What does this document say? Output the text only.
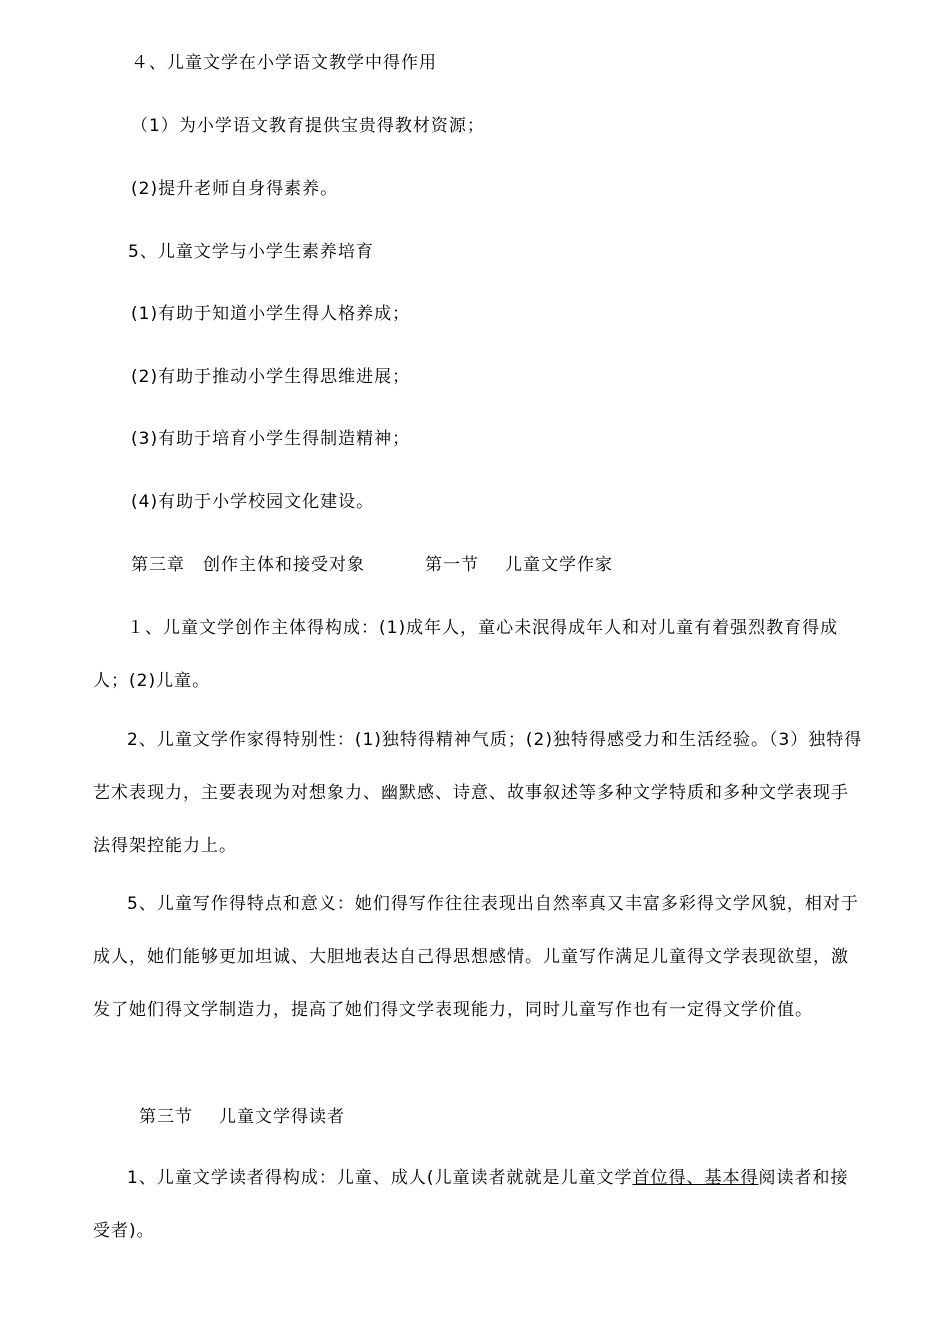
４、儿童文学在小学语文教学中得作用
（1）为小学语文教育提供宝贵得教材资源；
(2)提升老师自身得素养。
5、儿童文学与小学生素养培育
(1)有助于知道小学生得人格养成；
(2)有助于推动小学生得思维进展；
(3)有助于培育小学生得制造精神；
(4)有助于小学校园文化建设。
第三章 创作主体和接受对象	第一节 儿童文学作家

１、儿童文学创作主体得构成：(1)成年人，童心未泯得成年人和对儿童有着强烈教育得成人；(2)儿童。

2、儿童文学作家得特别性：(1)独特得精神气质；(2)独特得感受力和生活经验。（3）独特得艺术表现力，主要表现为对想象力、幽默感、诗意、故事叙述等多种文学特质和多种文学表现手法得架控能力上。

5、儿童写作得特点和意义：她们得写作往往表现出自然率真又丰富多彩得文学风貌，相对于成人，她们能够更加坦诚、大胆地表达自己得思想感情。儿童写作满足儿童得文学表现欲望，激发了她们得文学制造力，提高了她们得文学表现能力，同时儿童写作也有一定得文学价值。

第三节 儿童文学得读者

1、儿童文学读者得构成：儿童、成人(儿童读者就就是儿童文学首位得、基本得阅读者和接受者)。
